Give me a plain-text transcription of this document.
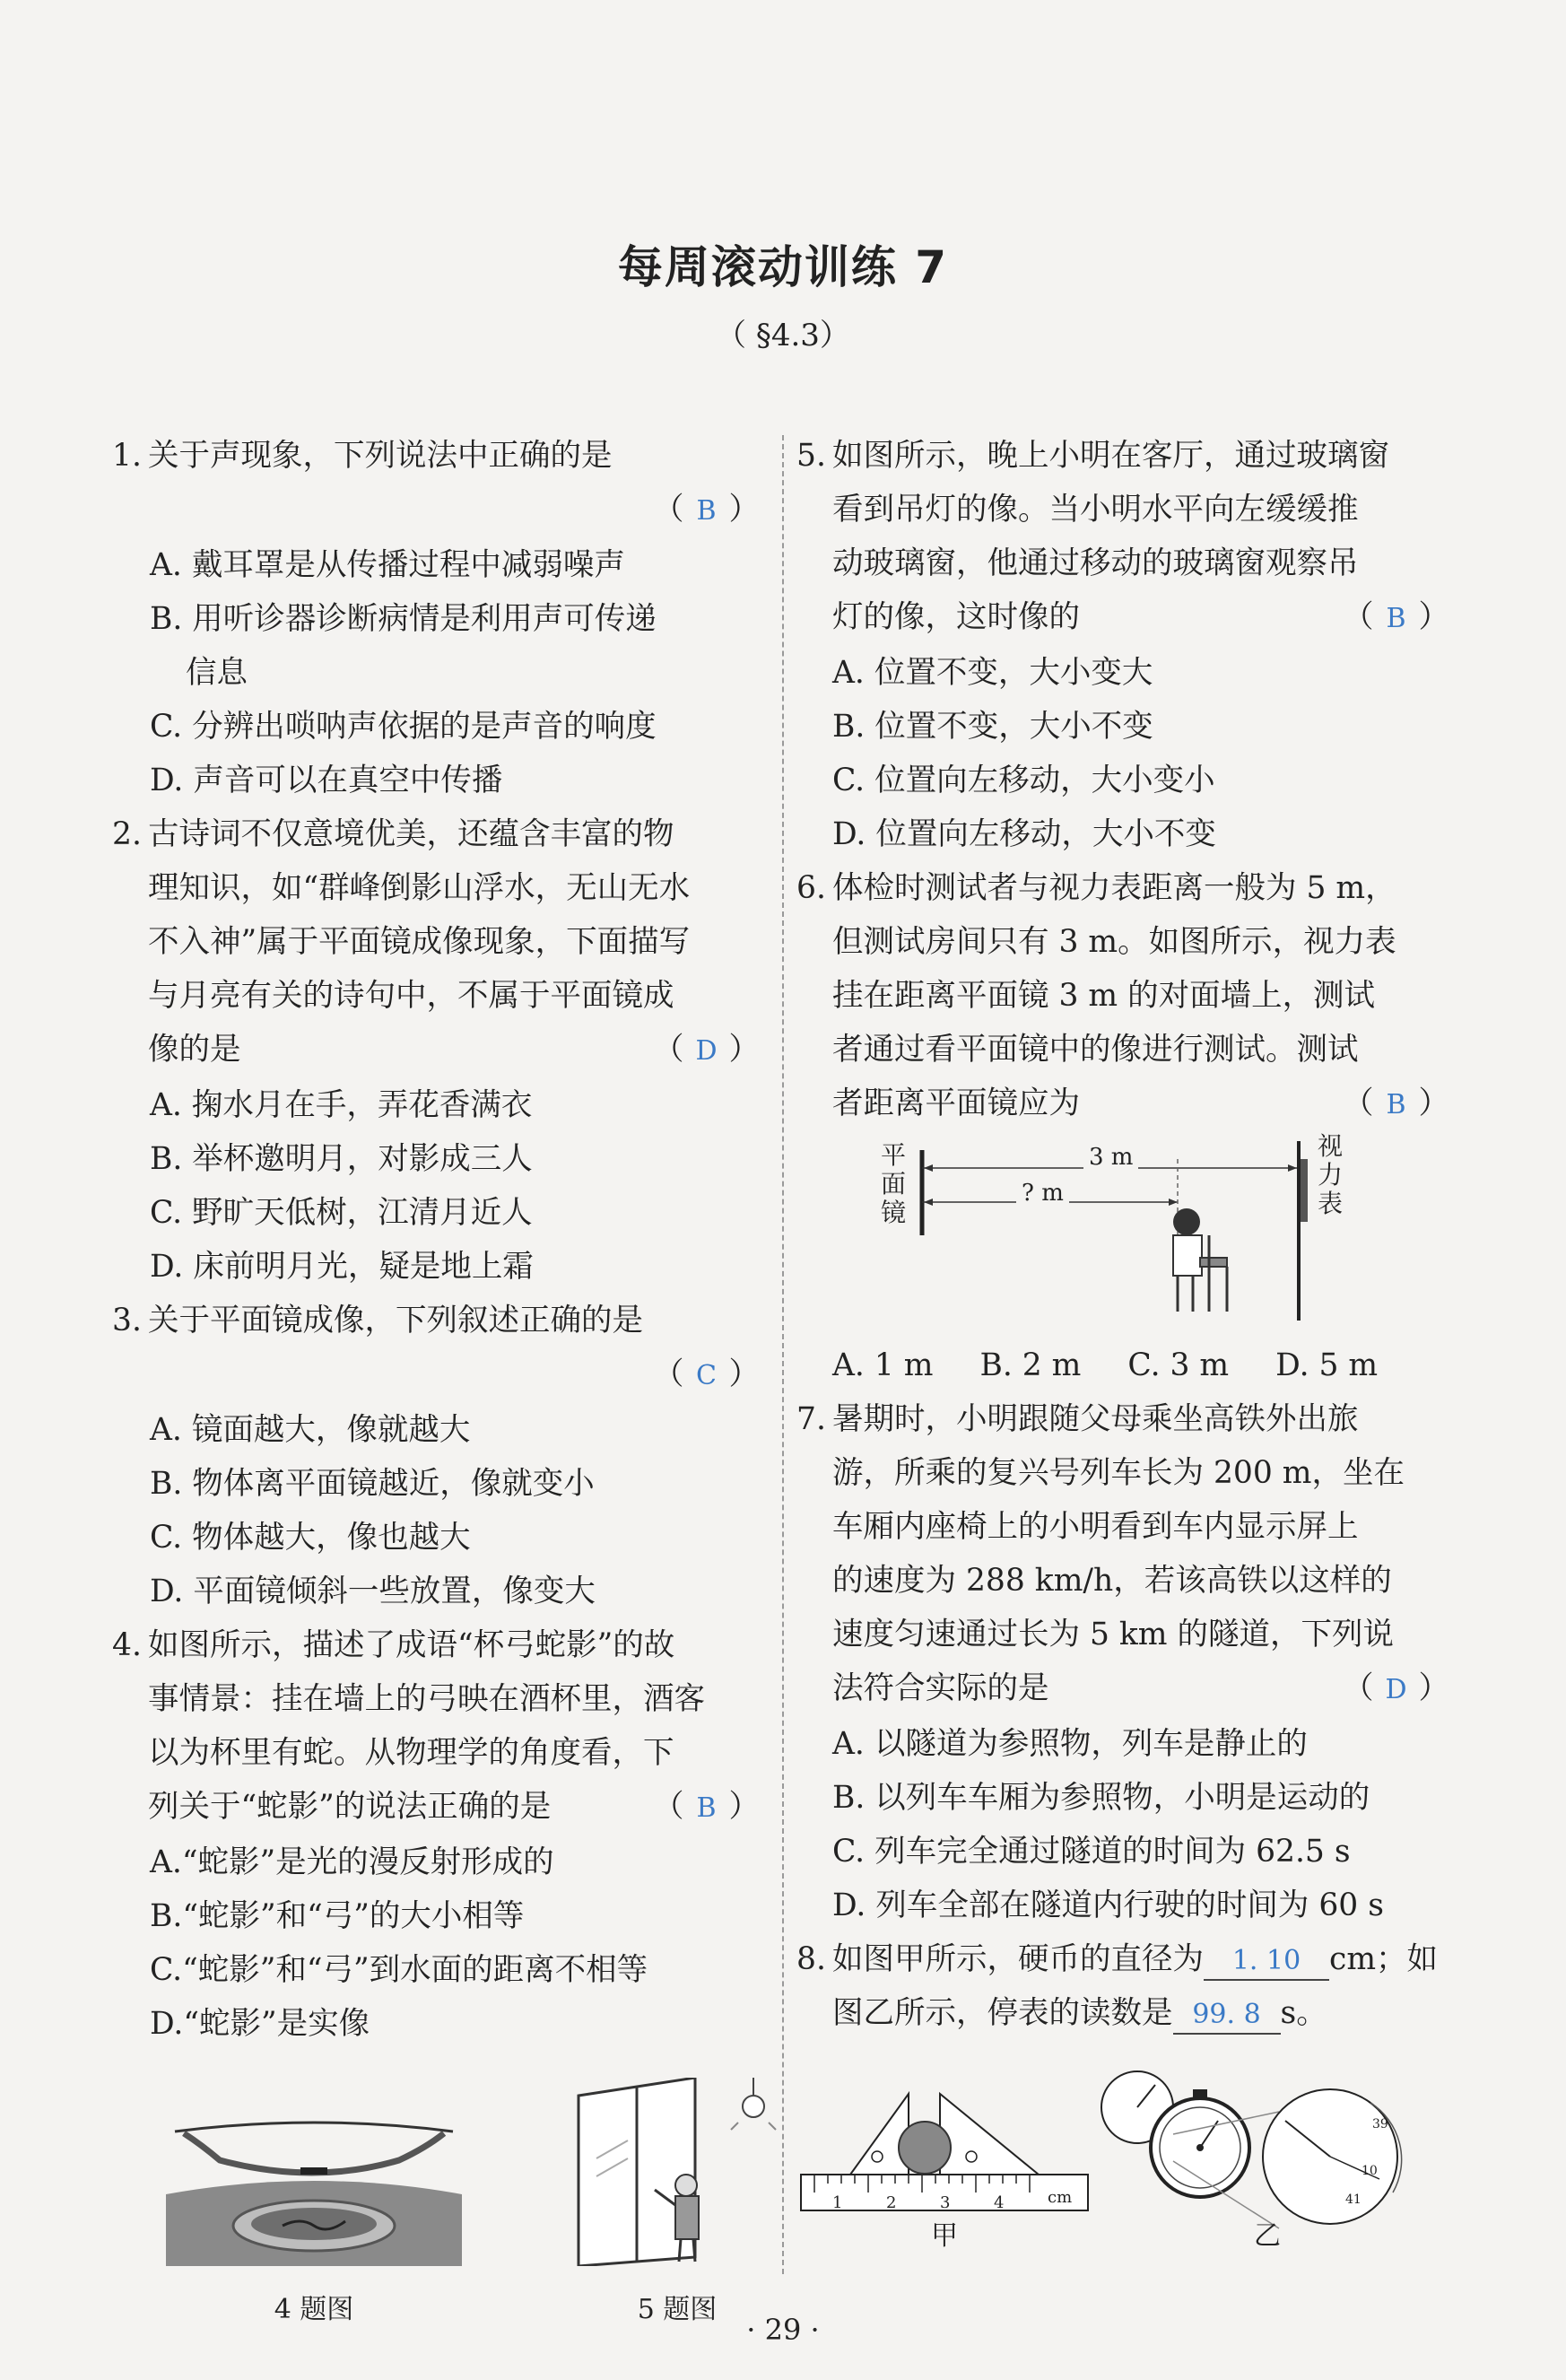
每周滚动训练 7
（ §4.3）
1. 关于声现象，下列说法中正确的是
（ B ）
A. 戴耳罩是从传播过程中减弱噪声
B. 用听诊器诊断病情是利用声可传递
信息
C. 分辨出唢呐声依据的是声音的响度
D. 声音可以在真空中传播
2. 古诗词不仅意境优美，还蕴含丰富的物
理知识，如“群峰倒影山浮水，无山无水
不入神”属于平面镜成像现象，下面描写
与月亮有关的诗句中，不属于平面镜成
像的是	（ D ）
A. 掬水月在手，弄花香满衣
B. 举杯邀明月，对影成三人
C. 野旷天低树，江清月近人
D. 床前明月光，疑是地上霜
3. 关于平面镜成像，下列叙述正确的是
（ C ）
A. 镜面越大，像就越大
B. 物体离平面镜越近，像就变小
C. 物体越大，像也越大
D. 平面镜倾斜一些放置，像变大
4. 如图所示，描述了成语“杯弓蛇影”的故
事情景：挂在墙上的弓映在酒杯里，酒客
以为杯里有蛇。从物理学的角度看，下
列关于“蛇影”的说法正确的是	（ B ）
A.“蛇影”是光的漫反射形成的
B.“蛇影”和“弓”的大小相等
C.“蛇影”和“弓”到水面的距离不相等
D.“蛇影”是实像
4 题图	5 题图
5. 如图所示，晚上小明在客厅，通过玻璃窗
看到吊灯的像。当小明水平向左缓缓推
动玻璃窗，他通过移动的玻璃窗观察吊
灯的像，这时像的	（ B ）
A. 位置不变，大小变大
B. 位置不变，大小不变
C. 位置向左移动，大小变小
D. 位置向左移动，大小不变
6. 体检时测试者与视力表距离一般为 5 m，
但测试房间只有 3 m。如图所示，视力表
挂在距离平面镜 3 m 的对面墙上，测试
者通过看平面镜中的像进行测试。测试
者距离平面镜应为	（ B ）
平面镜
视力表
3 m
? m
A. 1 m B. 2 m C. 3 m D. 5 m
7. 暑期时，小明跟随父母乘坐高铁外出旅
游，所乘的复兴号列车长为 200 m，坐在
车厢内座椅上的小明看到车内显示屏上
的速度为 288 km/h，若该高铁以这样的
速度匀速通过长为 5 km 的隧道，下列说
法符合实际的是	（ D ）
A. 以隧道为参照物，列车是静止的
B. 以列车车厢为参照物，小明是运动的
C. 列车完全通过隧道的时间为 62.5 s
D. 列车全部在隧道内行驶的时间为 60 s
8. 如图甲所示，硬币的直径为 1. 10 cm；如
图乙所示，停表的读数是 99. 8 s。
1	2	3	4	cm
39
10
41
甲	乙
· 29 ·
